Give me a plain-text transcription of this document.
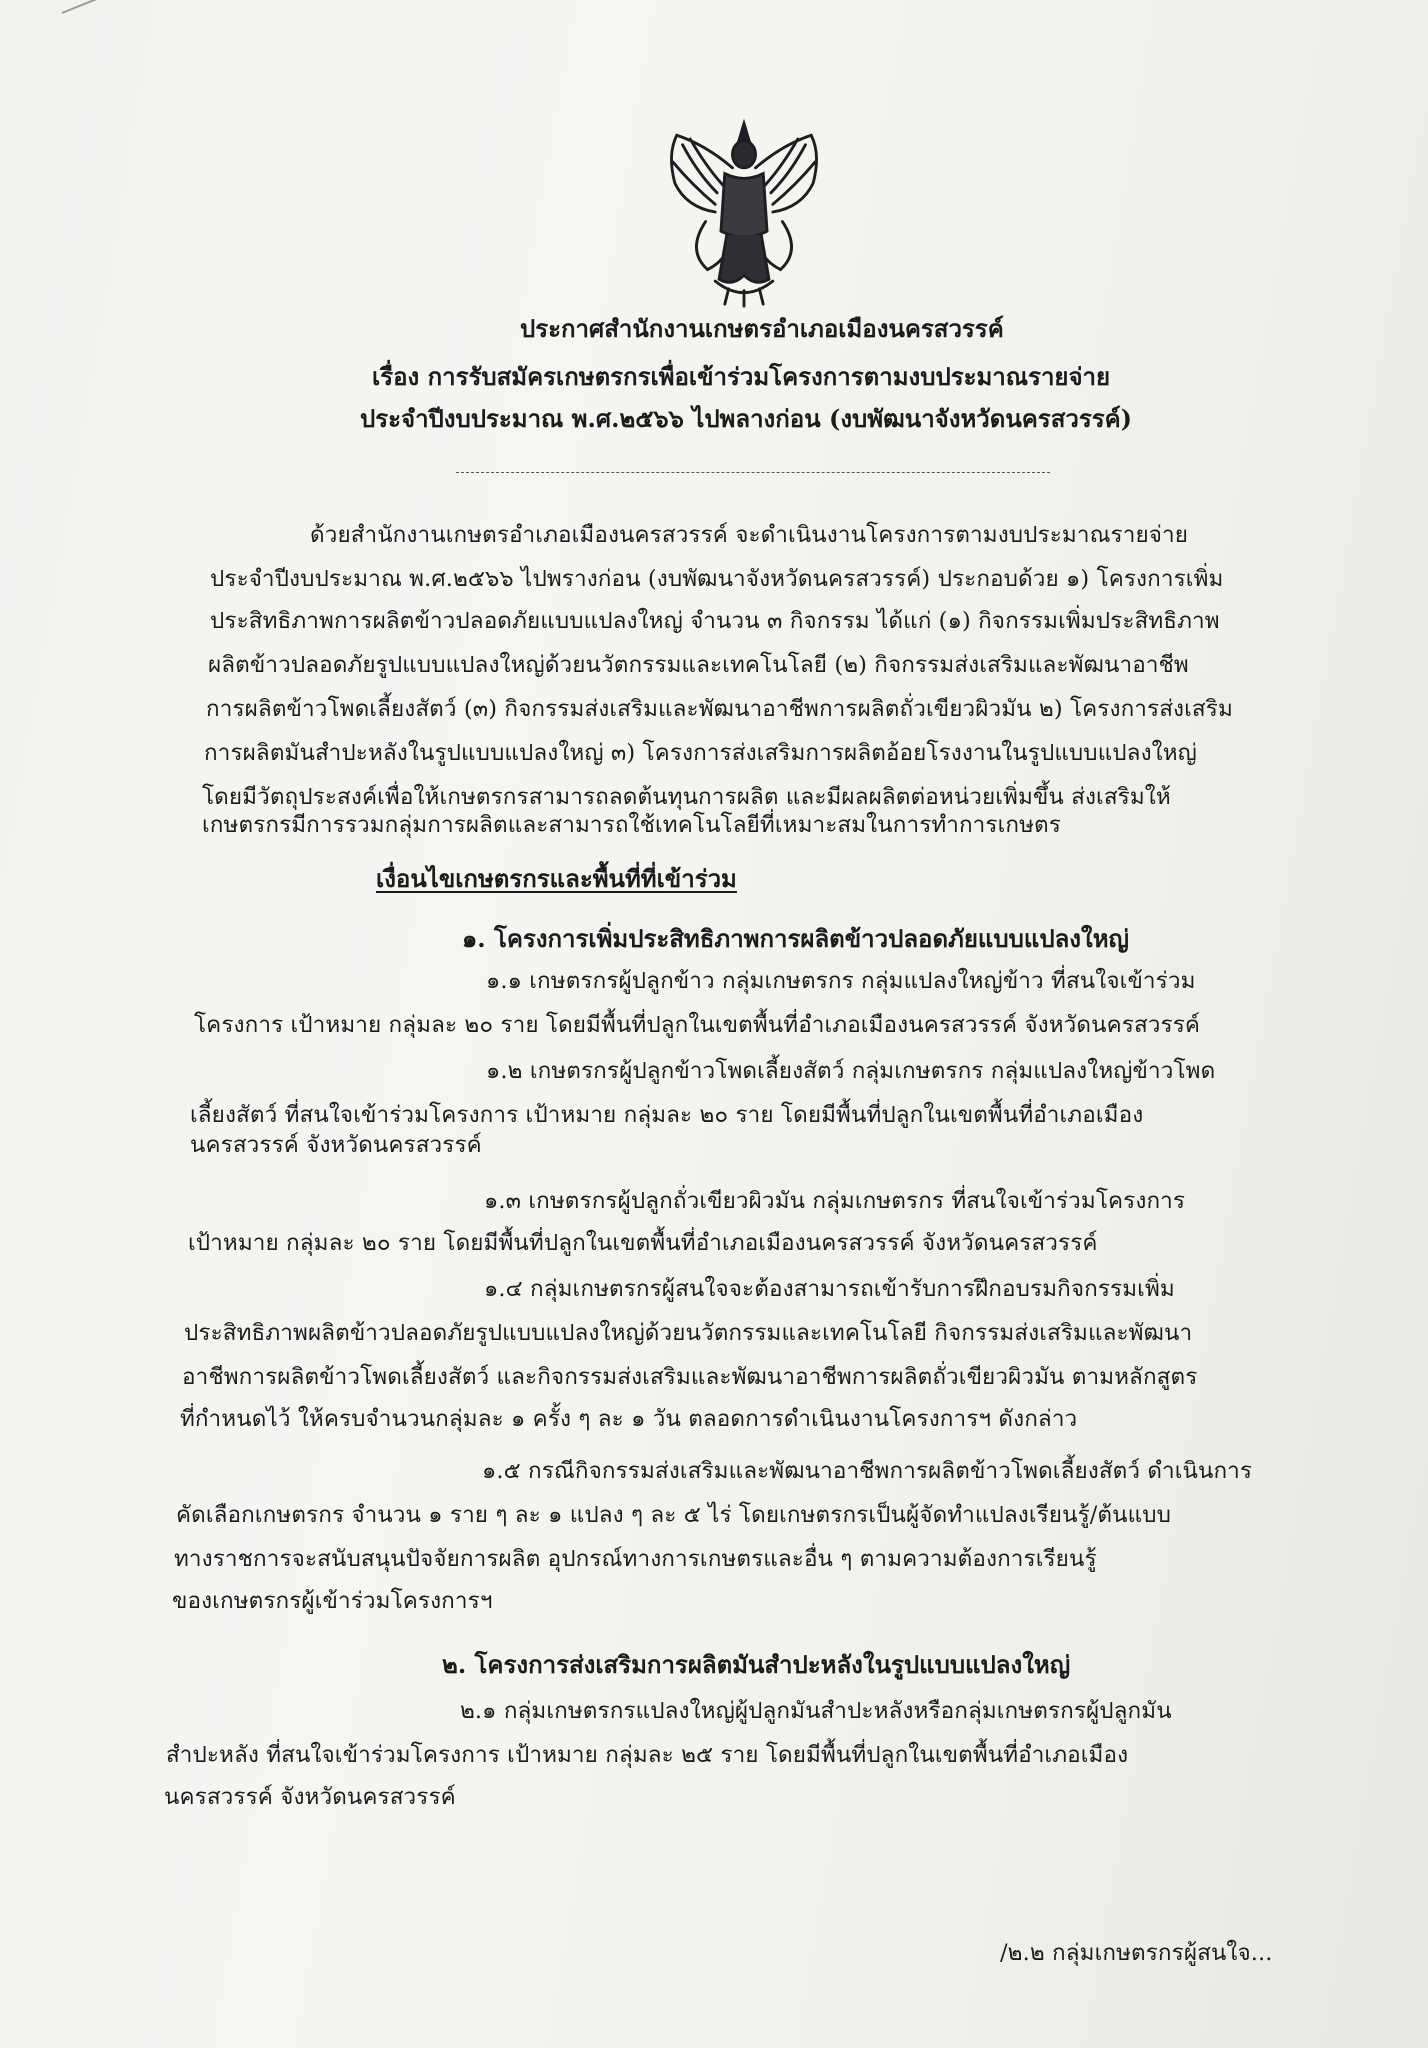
ประกาศสำนักงานเกษตรอำเภอเมืองนครสวรรค์
เรื่อง การรับสมัครเกษตรกรเพื่อเข้าร่วมโครงการตามงบประมาณรายจ่าย
ประจำปีงบประมาณ พ.ศ.๒๕๖๖ ไปพลางก่อน (งบพัฒนาจังหวัดนครสวรรค์)
ด้วยสำนักงานเกษตรอำเภอเมืองนครสวรรค์ จะดำเนินงานโครงการตามงบประมาณรายจ่าย
ประจำปีงบประมาณ พ.ศ.๒๕๖๖ ไปพรางก่อน (งบพัฒนาจังหวัดนครสวรรค์) ประกอบด้วย ๑) โครงการเพิ่ม
ประสิทธิภาพการผลิตข้าวปลอดภัยแบบแปลงใหญ่ จำนวน ๓ กิจกรรม ได้แก่ (๑) กิจกรรมเพิ่มประสิทธิภาพ
ผลิตข้าวปลอดภัยรูปแบบแปลงใหญ่ด้วยนวัตกรรมและเทคโนโลยี (๒) กิจกรรมส่งเสริมและพัฒนาอาชีพ
การผลิตข้าวโพดเลี้ยงสัตว์ (๓) กิจกรรมส่งเสริมและพัฒนาอาชีพการผลิตถั่วเขียวผิวมัน ๒) โครงการส่งเสริม
การผลิตมันสำปะหลังในรูปแบบแปลงใหญ่ ๓) โครงการส่งเสริมการผลิตอ้อยโรงงานในรูปแบบแปลงใหญ่
โดยมีวัตถุประสงค์เพื่อให้เกษตรกรสามารถลดต้นทุนการผลิต และมีผลผลิตต่อหน่วยเพิ่มขึ้น ส่งเสริมให้
เกษตรกรมีการรวมกลุ่มการผลิตและสามารถใช้เทคโนโลยีที่เหมาะสมในการทำการเกษตร
เงื่อนไขเกษตรกรและพื้นที่ที่เข้าร่วม
๑. โครงการเพิ่มประสิทธิภาพการผลิตข้าวปลอดภัยแบบแปลงใหญ่
๑.๑ เกษตรกรผู้ปลูกข้าว กลุ่มเกษตรกร กลุ่มแปลงใหญ่ข้าว ที่สนใจเข้าร่วม
โครงการ เป้าหมาย กลุ่มละ ๒๐ ราย โดยมีพื้นที่ปลูกในเขตพื้นที่อำเภอเมืองนครสวรรค์ จังหวัดนครสวรรค์
๑.๒ เกษตรกรผู้ปลูกข้าวโพดเลี้ยงสัตว์ กลุ่มเกษตรกร กลุ่มแปลงใหญ่ข้าวโพด
เลี้ยงสัตว์ ที่สนใจเข้าร่วมโครงการ เป้าหมาย กลุ่มละ ๒๐ ราย โดยมีพื้นที่ปลูกในเขตพื้นที่อำเภอเมือง
นครสวรรค์ จังหวัดนครสวรรค์
๑.๓ เกษตรกรผู้ปลูกถั่วเขียวผิวมัน กลุ่มเกษตรกร ที่สนใจเข้าร่วมโครงการ
เป้าหมาย กลุ่มละ ๒๐ ราย โดยมีพื้นที่ปลูกในเขตพื้นที่อำเภอเมืองนครสวรรค์ จังหวัดนครสวรรค์
๑.๔ กลุ่มเกษตรกรผู้สนใจจะต้องสามารถเข้ารับการฝึกอบรมกิจกรรมเพิ่ม
ประสิทธิภาพผลิตข้าวปลอดภัยรูปแบบแปลงใหญ่ด้วยนวัตกรรมและเทคโนโลยี กิจกรรมส่งเสริมและพัฒนา
อาชีพการผลิตข้าวโพดเลี้ยงสัตว์ และกิจกรรมส่งเสริมและพัฒนาอาชีพการผลิตถั่วเขียวผิวมัน ตามหลักสูตร
ที่กำหนดไว้ ให้ครบจำนวนกลุ่มละ ๑ ครั้ง ๆ ละ ๑ วัน ตลอดการดำเนินงานโครงการฯ ดังกล่าว
๑.๕ กรณีกิจกรรมส่งเสริมและพัฒนาอาชีพการผลิตข้าวโพดเลี้ยงสัตว์ ดำเนินการ
คัดเลือกเกษตรกร จำนวน ๑ ราย ๆ ละ ๑ แปลง ๆ ละ ๕ ไร่ โดยเกษตรกรเป็นผู้จัดทำแปลงเรียนรู้/ต้นแบบ
ทางราชการจะสนับสนุนปัจจัยการผลิต อุปกรณ์ทางการเกษตรและอื่น ๆ ตามความต้องการเรียนรู้
ของเกษตรกรผู้เข้าร่วมโครงการฯ
๒. โครงการส่งเสริมการผลิตมันสำปะหลังในรูปแบบแปลงใหญ่
๒.๑ กลุ่มเกษตรกรแปลงใหญ่ผู้ปลูกมันสำปะหลังหรือกลุ่มเกษตรกรผู้ปลูกมัน
สำปะหลัง ที่สนใจเข้าร่วมโครงการ เป้าหมาย กลุ่มละ ๒๕ ราย โดยมีพื้นที่ปลูกในเขตพื้นที่อำเภอเมือง
นครสวรรค์ จังหวัดนครสวรรค์
/๒.๒ กลุ่มเกษตรกรผู้สนใจ...
